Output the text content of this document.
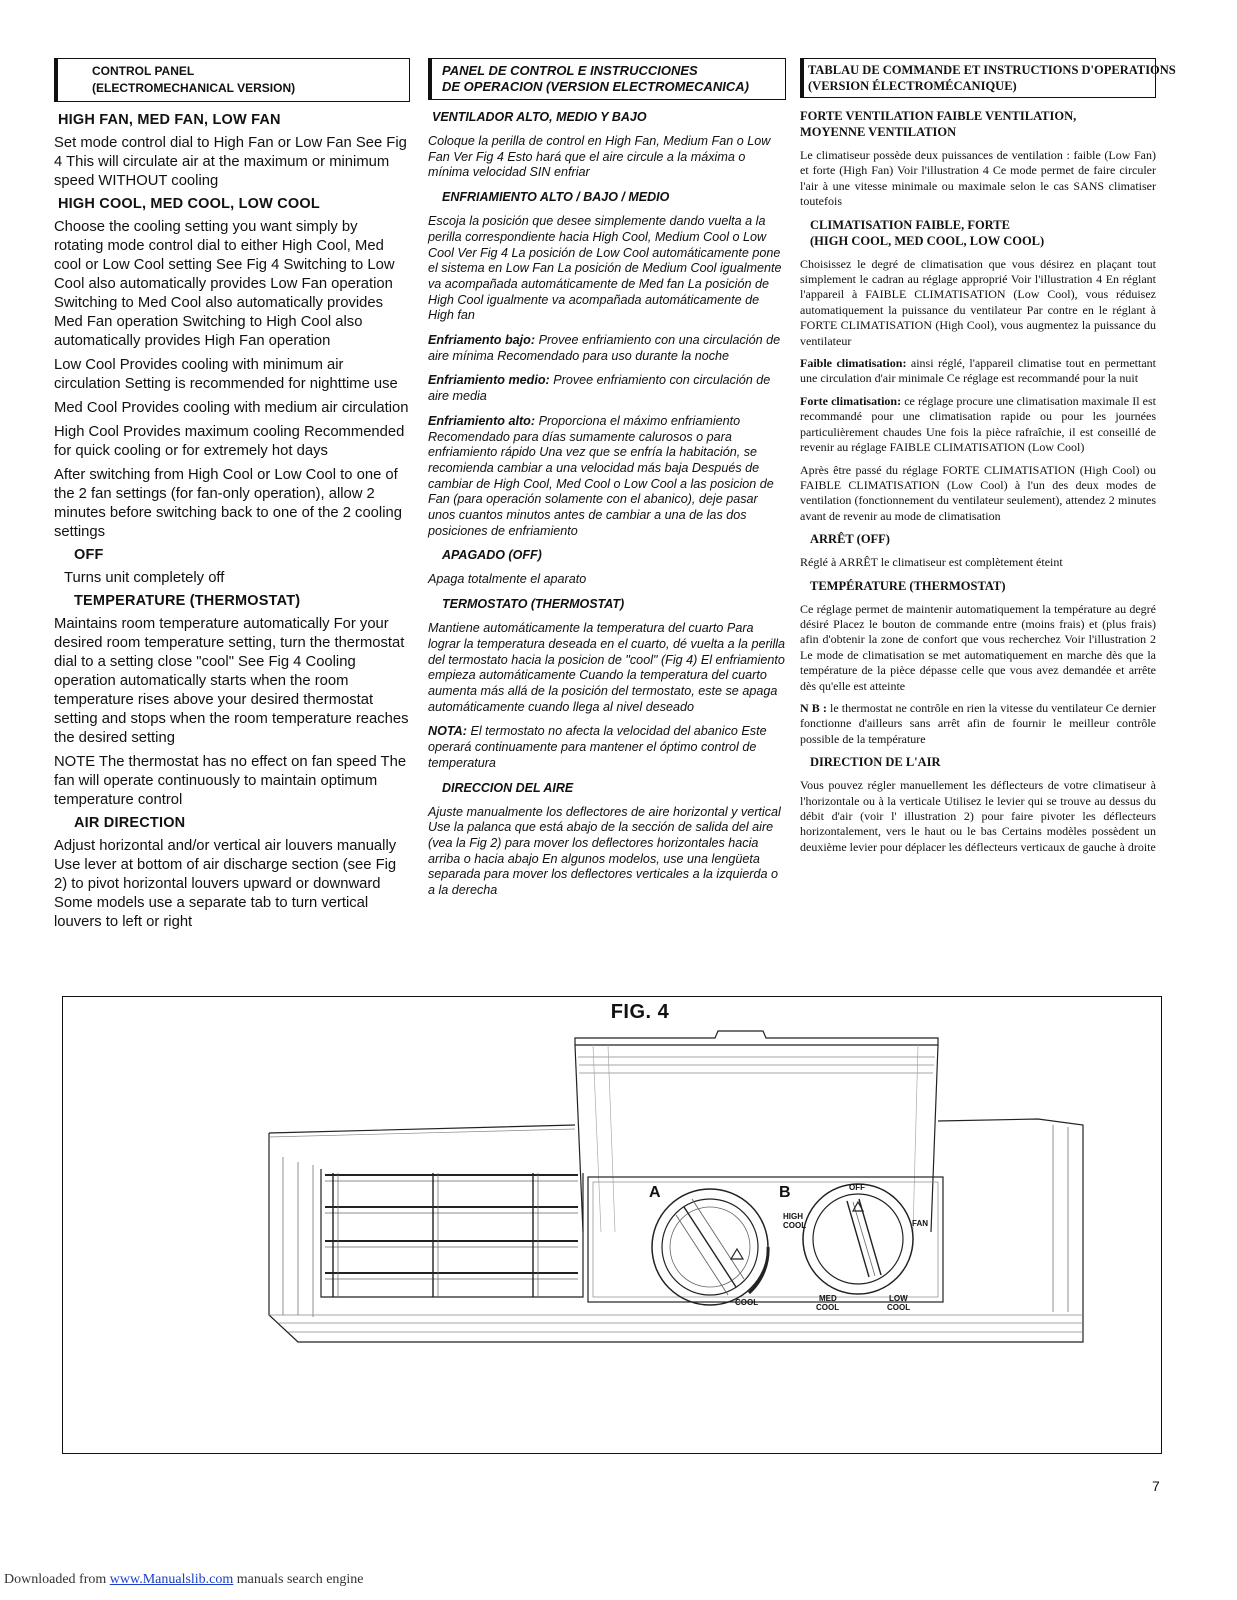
CONTROL PANEL
(ELECTROMECHANICAL VERSION)
HIGH FAN, MED FAN, LOW FAN

Set mode control dial to High Fan or Low Fan See Fig 4 This will circulate air at the maximum or minimum speed WITHOUT cooling

HIGH COOL, MED COOL, LOW COOL

Choose the cooling setting you want simply by rotating mode control dial to either High Cool, Med cool or Low Cool setting See Fig 4 Switching to Low Cool also automatically provides Low Fan operation Switching to Med Cool also automatically provides Med Fan operation Switching to High Cool also automatically provides High Fan operation

Low Cool Provides cooling with minimum air circulation Setting is recommended for nighttime use

Med Cool Provides cooling with medium air circulation

High Cool Provides maximum cooling Recommended for quick cooling or for extremely hot days

After switching from High Cool or Low Cool to one of the 2 fan settings (for fan-only operation), allow 2 minutes before switching back to one of the 2 cooling settings

OFF

Turns unit completely off

TEMPERATURE (THERMOSTAT)

Maintains room temperature automatically For your desired room temperature setting, turn the thermostat dial to a setting close "cool" See Fig 4 Cooling operation automatically starts when the room temperature rises above your desired thermostat setting and stops when the room temperature reaches the desired setting

NOTE The thermostat has no effect on fan speed The fan will operate continuously to maintain optimum temperature control

AIR DIRECTION

Adjust horizontal and/or vertical air louvers manually Use lever at bottom of air discharge section (see Fig 2) to pivot horizontal louvers upward or downward Some models use a separate tab to turn vertical louvers to left or right

PANEL DE CONTROL E INSTRUCCIONES
DE OPERACION (VERSION ELECTROMECANICA)
VENTILADOR ALTO, MEDIO Y BAJO

Coloque la perilla de control en High Fan, Medium Fan o Low Fan Ver Fig 4 Esto hará que el aire circule a la máxima o mínima velocidad SIN enfriar

ENFRIAMIENTO ALTO / BAJO / MEDIO

Escoja la posición que desee simplemente dando vuelta a la perilla correspondiente hacia High Cool, Medium Cool o Low Cool Ver Fig 4 La posición de Low Cool automáticamente pone el sistema en Low Fan La posición de Medium Cool igualmente va acompañada automáticamente de Med fan La posición de High Cool igualmente va acompañada automáticamente de High fan

Enfriamento bajo: Provee enfriamiento con una circulación de aire mínima Recomendado para uso durante la noche

Enfriamiento medio: Provee enfriamiento con circulación de aire media

Enfriamiento alto: Proporciona el máximo enfriamiento Recomendado para días sumamente calurosos o para enfriamiento rápido Una vez que se enfría la habitación, se recomienda cambiar a una velocidad más baja Después de cambiar de High Cool, Med Cool o Low Cool a las posicion de Fan (para operación solamente con el abanico), deje pasar unos cuantos minutos antes de cambiar a una de las dos posiciones de enfriamiento

APAGADO (OFF)

Apaga totalmente el aparato

TERMOSTATO (THERMOSTAT)

Mantiene automáticamente la temperatura del cuarto Para lograr la temperatura deseada en el cuarto, dé vuelta a la perilla del termostato hacia la posicion de "cool" (Fig 4) El enfriamiento empieza automáticamente Cuando la temperatura del cuarto aumenta más allá de la posición del termostato, este se apaga automáticamente cuando llega al nivel deseado

NOTA: El termostato no afecta la velocidad del abanico Este operará continuamente para mantener el óptimo control de temperatura

DIRECCION DEL AIRE

Ajuste manualmente los deflectores de aire horizontal y vertical Use la palanca que está abajo de la sección de salida del aire (vea la Fig 2) para mover los deflectores horizontales hacia arriba o hacia abajo En algunos modelos, use una lengüeta separada para mover los deflectores verticales a la izquierda o a la derecha

TABLAU DE COMMANDE ET INSTRUCTIONS D'OPERATIONS
(VERSION ÉLECTROMÉCANIQUE)
FORTE VENTILATION FAIBLE VENTILATION,
MOYENNE VENTILATION

Le climatiseur possède deux puissances de ventilation : faible (Low Fan) et forte (High Fan) Voir l'illustration 4 Ce mode permet de faire circuler l'air à une vitesse minimale ou maximale selon le cas SANS climatiser toutefois

CLIMATISATION FAIBLE, FORTE
(HIGH COOL, MED COOL, LOW COOL)

Choisissez le degré de climatisation que vous désirez en plaçant tout simplement le cadran au réglage approprié Voir l'illustration 4 En réglant l'appareil à FAIBLE CLIMATISATION (Low Cool), vous réduisez automatiquement la puissance du ventilateur Par contre en le réglant à FORTE CLIMATISATION (High Cool), vous augmentez la puissance du ventilateur

Faible climatisation: ainsi réglé, l'appareil climatise tout en permettant une circulation d'air minimale Ce réglage est recommandé pour la nuit

Forte climatisation: ce réglage procure une climatisation maximale Il est recommandé pour une climatisation rapide ou pour les journées particulièrement chaudes Une fois la pièce rafraîchie, il est conseillé de revenir au réglage FAIBLE CLIMATISATION (Low Cool)

Après être passé du réglage FORTE CLIMATISATION (High Cool) ou FAIBLE CLIMATISATION (Low Cool) à l'un des deux modes de ventilation (fonctionnement du ventilateur seulement), attendez 2 minutes avant de revenir au mode de climatisation

ARRÊT (OFF)

Réglé à ARRÊT le climatiseur est complètement éteint

TEMPÉRATURE (THERMOSTAT)

Ce réglage permet de maintenir automatiquement la température au degré désiré Placez le bouton de commande entre (moins frais) et (plus frais) afin d'obtenir la zone de confort que vous recherchez Voir l'illustration 2 Le mode de climatisation se met automatiquement en marche dès que la température de la pièce dépasse celle que vous avez demandée et arrête dès qu'elle est atteinte

N B : le thermostat ne contrôle en rien la vitesse du ventilateur Ce dernier fonctionne d'ailleurs sans arrêt afin de fournir le meilleur contrôle possible de la température

DIRECTION DE L'AIR

Vous pouvez régler manuellement les déflecteurs de votre climatiseur à l'horizontale ou à la verticale Utilisez le levier qui se trouve au dessus du débit d'air (voir l' illustration 2) pour faire pivoter les déflecteurs horizontalement, vers le haut ou le bas Certains modèles possèdent un deuxième levier pour déplacer les déflecteurs verticaux de gauche à droite

FIG. 4
A	B
COOL
OFF
HIGH
COOL	FAN
MED
COOL
LOW
COOL
7
Downloaded from www.Manualslib.com manuals search engine
